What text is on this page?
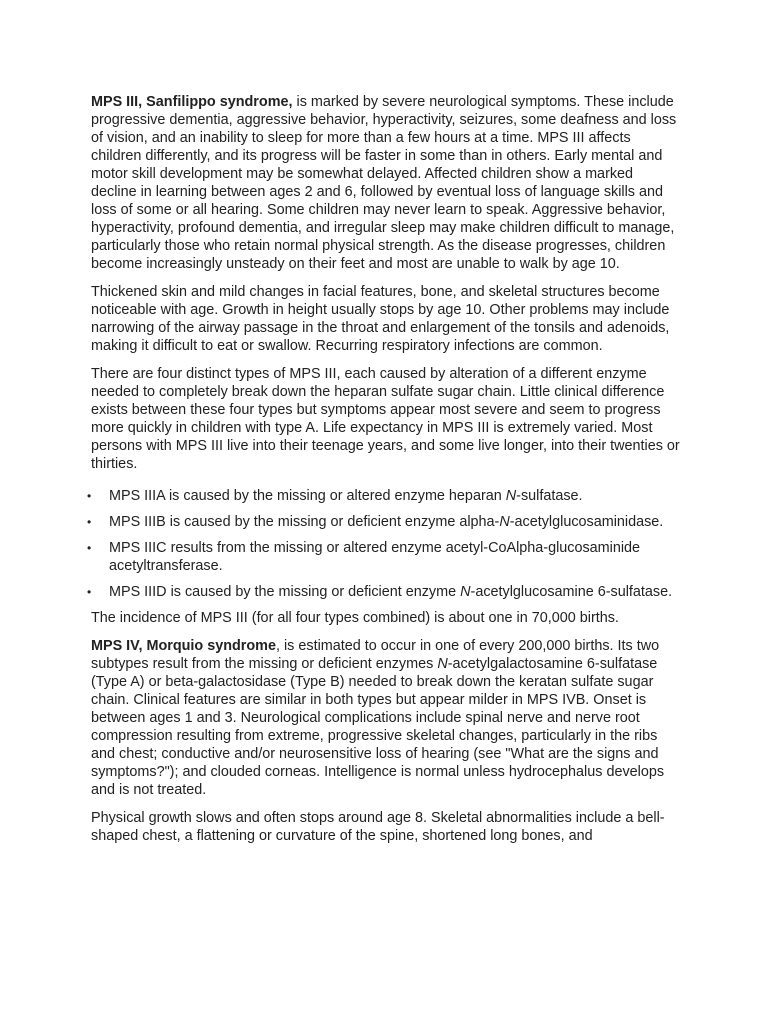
MPS III, Sanfilippo syndrome, is marked by severe neurological symptoms. These include progressive dementia, aggressive behavior, hyperactivity, seizures, some deafness and loss of vision, and an inability to sleep for more than a few hours at a time. MPS III affects children differently, and its progress will be faster in some than in others. Early mental and motor skill development may be somewhat delayed. Affected children show a marked decline in learning between ages 2 and 6, followed by eventual loss of language skills and loss of some or all hearing. Some children may never learn to speak. Aggressive behavior, hyperactivity, profound dementia, and irregular sleep may make children difficult to manage, particularly those who retain normal physical strength. As the disease progresses, children become increasingly unsteady on their feet and most are unable to walk by age 10.

Thickened skin and mild changes in facial features, bone, and skeletal structures become noticeable with age. Growth in height usually stops by age 10. Other problems may include narrowing of the airway passage in the throat and enlargement of the tonsils and adenoids, making it difficult to eat or swallow. Recurring respiratory infections are common.

There are four distinct types of MPS III, each caused by alteration of a different enzyme needed to completely break down the heparan sulfate sugar chain. Little clinical difference exists between these four types but symptoms appear most severe and seem to progress more quickly in children with type A. Life expectancy in MPS III is extremely varied. Most persons with MPS III live into their teenage years, and some live longer, into their twenties or thirties.

• MPS IIIA is caused by the missing or altered enzyme heparan N-sulfatase.
• MPS IIIB is caused by the missing or deficient enzyme alpha-N-acetylglucosaminidase.
• MPS IIIC results from the missing or altered enzyme acetyl-CoAlpha-glucosaminide acetyltransferase.
• MPS IIID is caused by the missing or deficient enzyme N-acetylglucosamine 6-sulfatase.

The incidence of MPS III (for all four types combined) is about one in 70,000 births.

MPS IV, Morquio syndrome, is estimated to occur in one of every 200,000 births. Its two subtypes result from the missing or deficient enzymes N-acetylgalactosamine 6-sulfatase (Type A) or beta-galactosidase (Type B) needed to break down the keratan sulfate sugar chain. Clinical features are similar in both types but appear milder in MPS IVB. Onset is between ages 1 and 3. Neurological complications include spinal nerve and nerve root compression resulting from extreme, progressive skeletal changes, particularly in the ribs and chest; conductive and/or neurosensitive loss of hearing (see "What are the signs and symptoms?"); and clouded corneas. Intelligence is normal unless hydrocephalus develops and is not treated.

Physical growth slows and often stops around age 8. Skeletal abnormalities include a bell-shaped chest, a flattening or curvature of the spine, shortened long bones, and
